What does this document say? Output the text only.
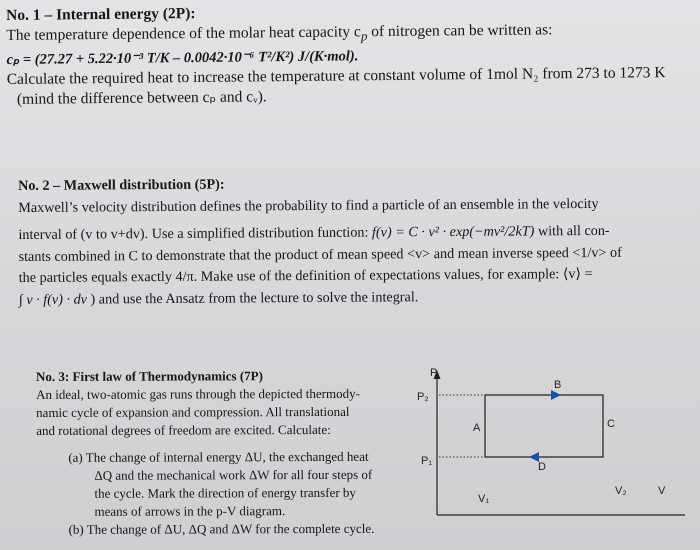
No. 1 – Internal energy (2P):

The temperature dependence of the molar heat capacity $c_p$ of nitrogen can be written as:

cₚ = (27.27 + 5.22·10⁻³ T/K – 0.0042·10⁻⁶ T²/K²) J/(K·mol).

Calculate the required heat to increase the temperature at constant volume of 1mol N₂ from 273 to 1273 K

(mind the difference between cₚ and cᵥ).

No. 2 – Maxwell distribution (5P):

Maxwell’s velocity distribution defines the probability to find a particle of an ensemble in the velocity

interval of (v to v+dv). Use a simplified distribution function: f(v) = C · v² · exp(−mv²/2kT) with all con-

stants combined in C to demonstrate that the product of mean speed <v> and mean inverse speed <1/v> of

the particles equals exactly 4/π. Make use of the definition of expectations values, for example: ⟨v⟩ =

∫ v · f(v) · dv ) and use the Ansatz from the lecture to solve the integral.

No. 3: First law of Thermodynamics (7P)

An ideal, two-atomic gas runs through the depicted thermody-

namic cycle of expansion and compression. All translational

and rotational degrees of freedom are excited. Calculate:

(a) The change of internal energy ΔU, the exchanged heat

ΔQ and the mechanical work ΔW for all four steps of

the cycle. Mark the direction of energy transfer by

means of arrows in the p-V diagram.

(b) The change of ΔU, ΔQ and ΔW for the complete cycle.

P
V
P₂
P₁
A
B
C
D
V₁
V₂
